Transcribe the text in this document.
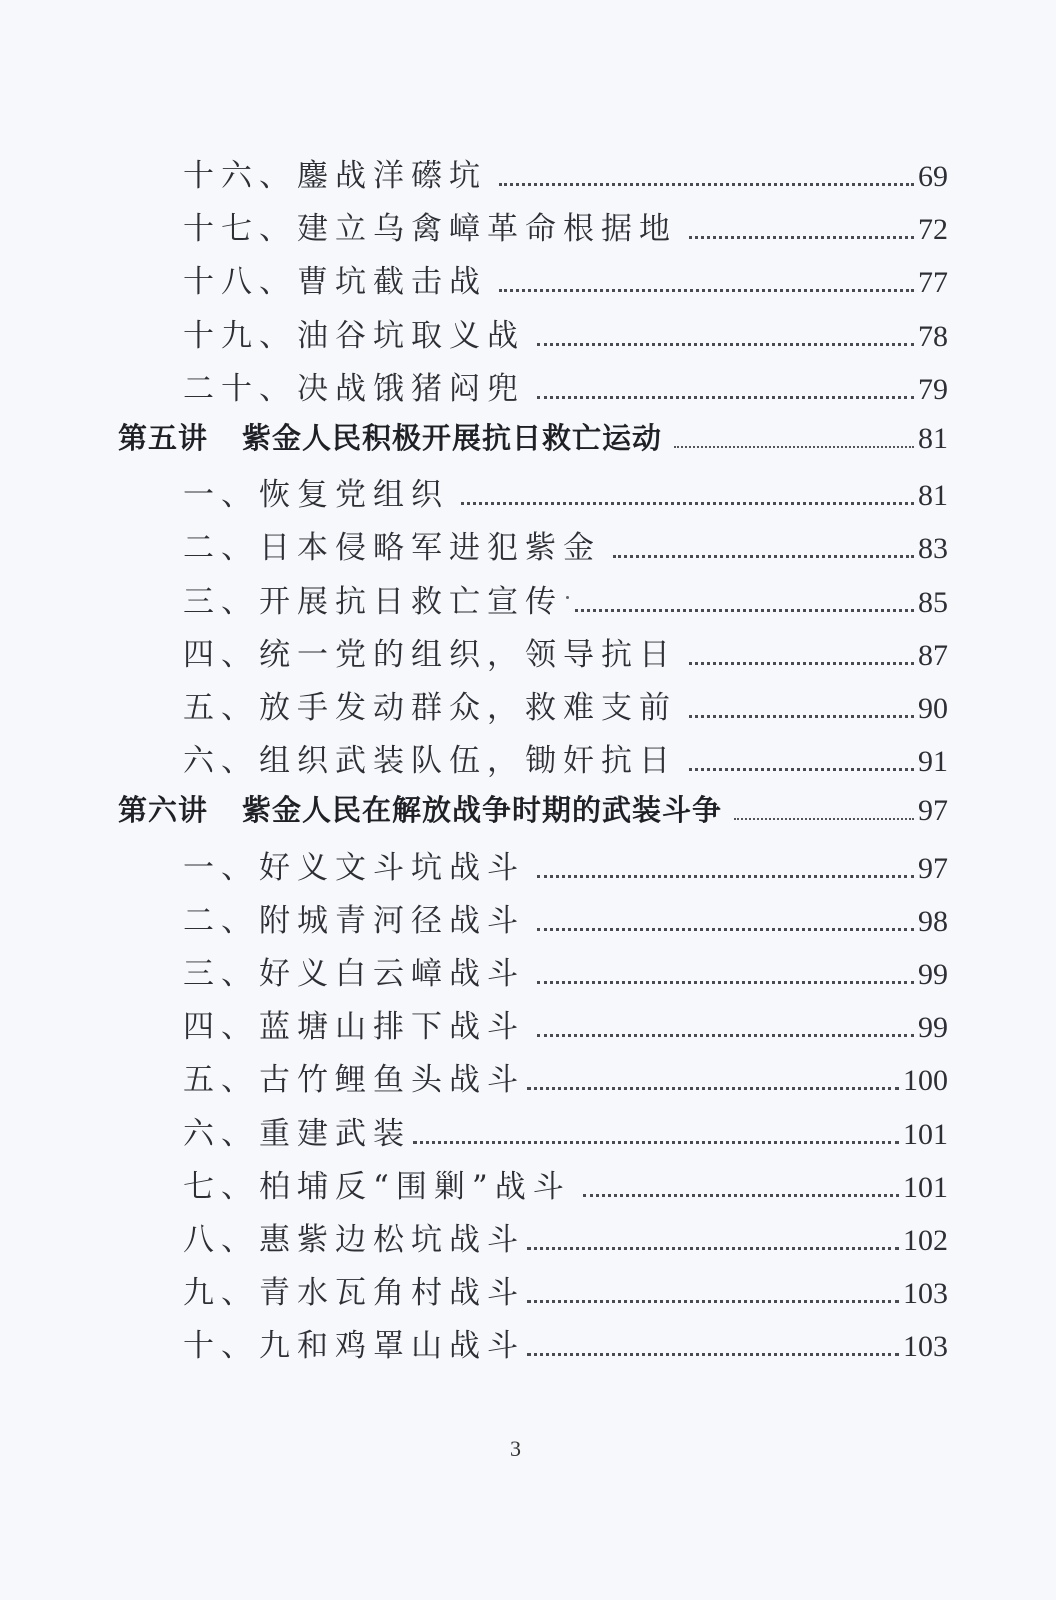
十六、鏖战洋礤坑	69
十七、建立乌禽嶂革命根据地	72
十八、曹坑截击战	77
十九、油谷坑取义战	78
二十、决战饿猪闷兜	79
第五讲 紫金人民积极开展抗日救亡运动	81
一、恢复党组织	81
二、日本侵略军进犯紫金	83
三、开展抗日救亡宣传	85
四、统一党的组织，领导抗日	87
五、放手发动群众，救难支前	90
六、组织武装队伍，锄奸抗日	91
第六讲 紫金人民在解放战争时期的武装斗争	97
一、好义文斗坑战斗	97
二、附城青河径战斗	98
三、好义白云嶂战斗	99
四、蓝塘山排下战斗	99
五、古竹鲤鱼头战斗	100
六、重建武装	101
七、柏埔反“围剿”战斗	101
八、惠紫边松坑战斗	102
九、青水瓦角村战斗	103
十、九和鸡罩山战斗	103
3
